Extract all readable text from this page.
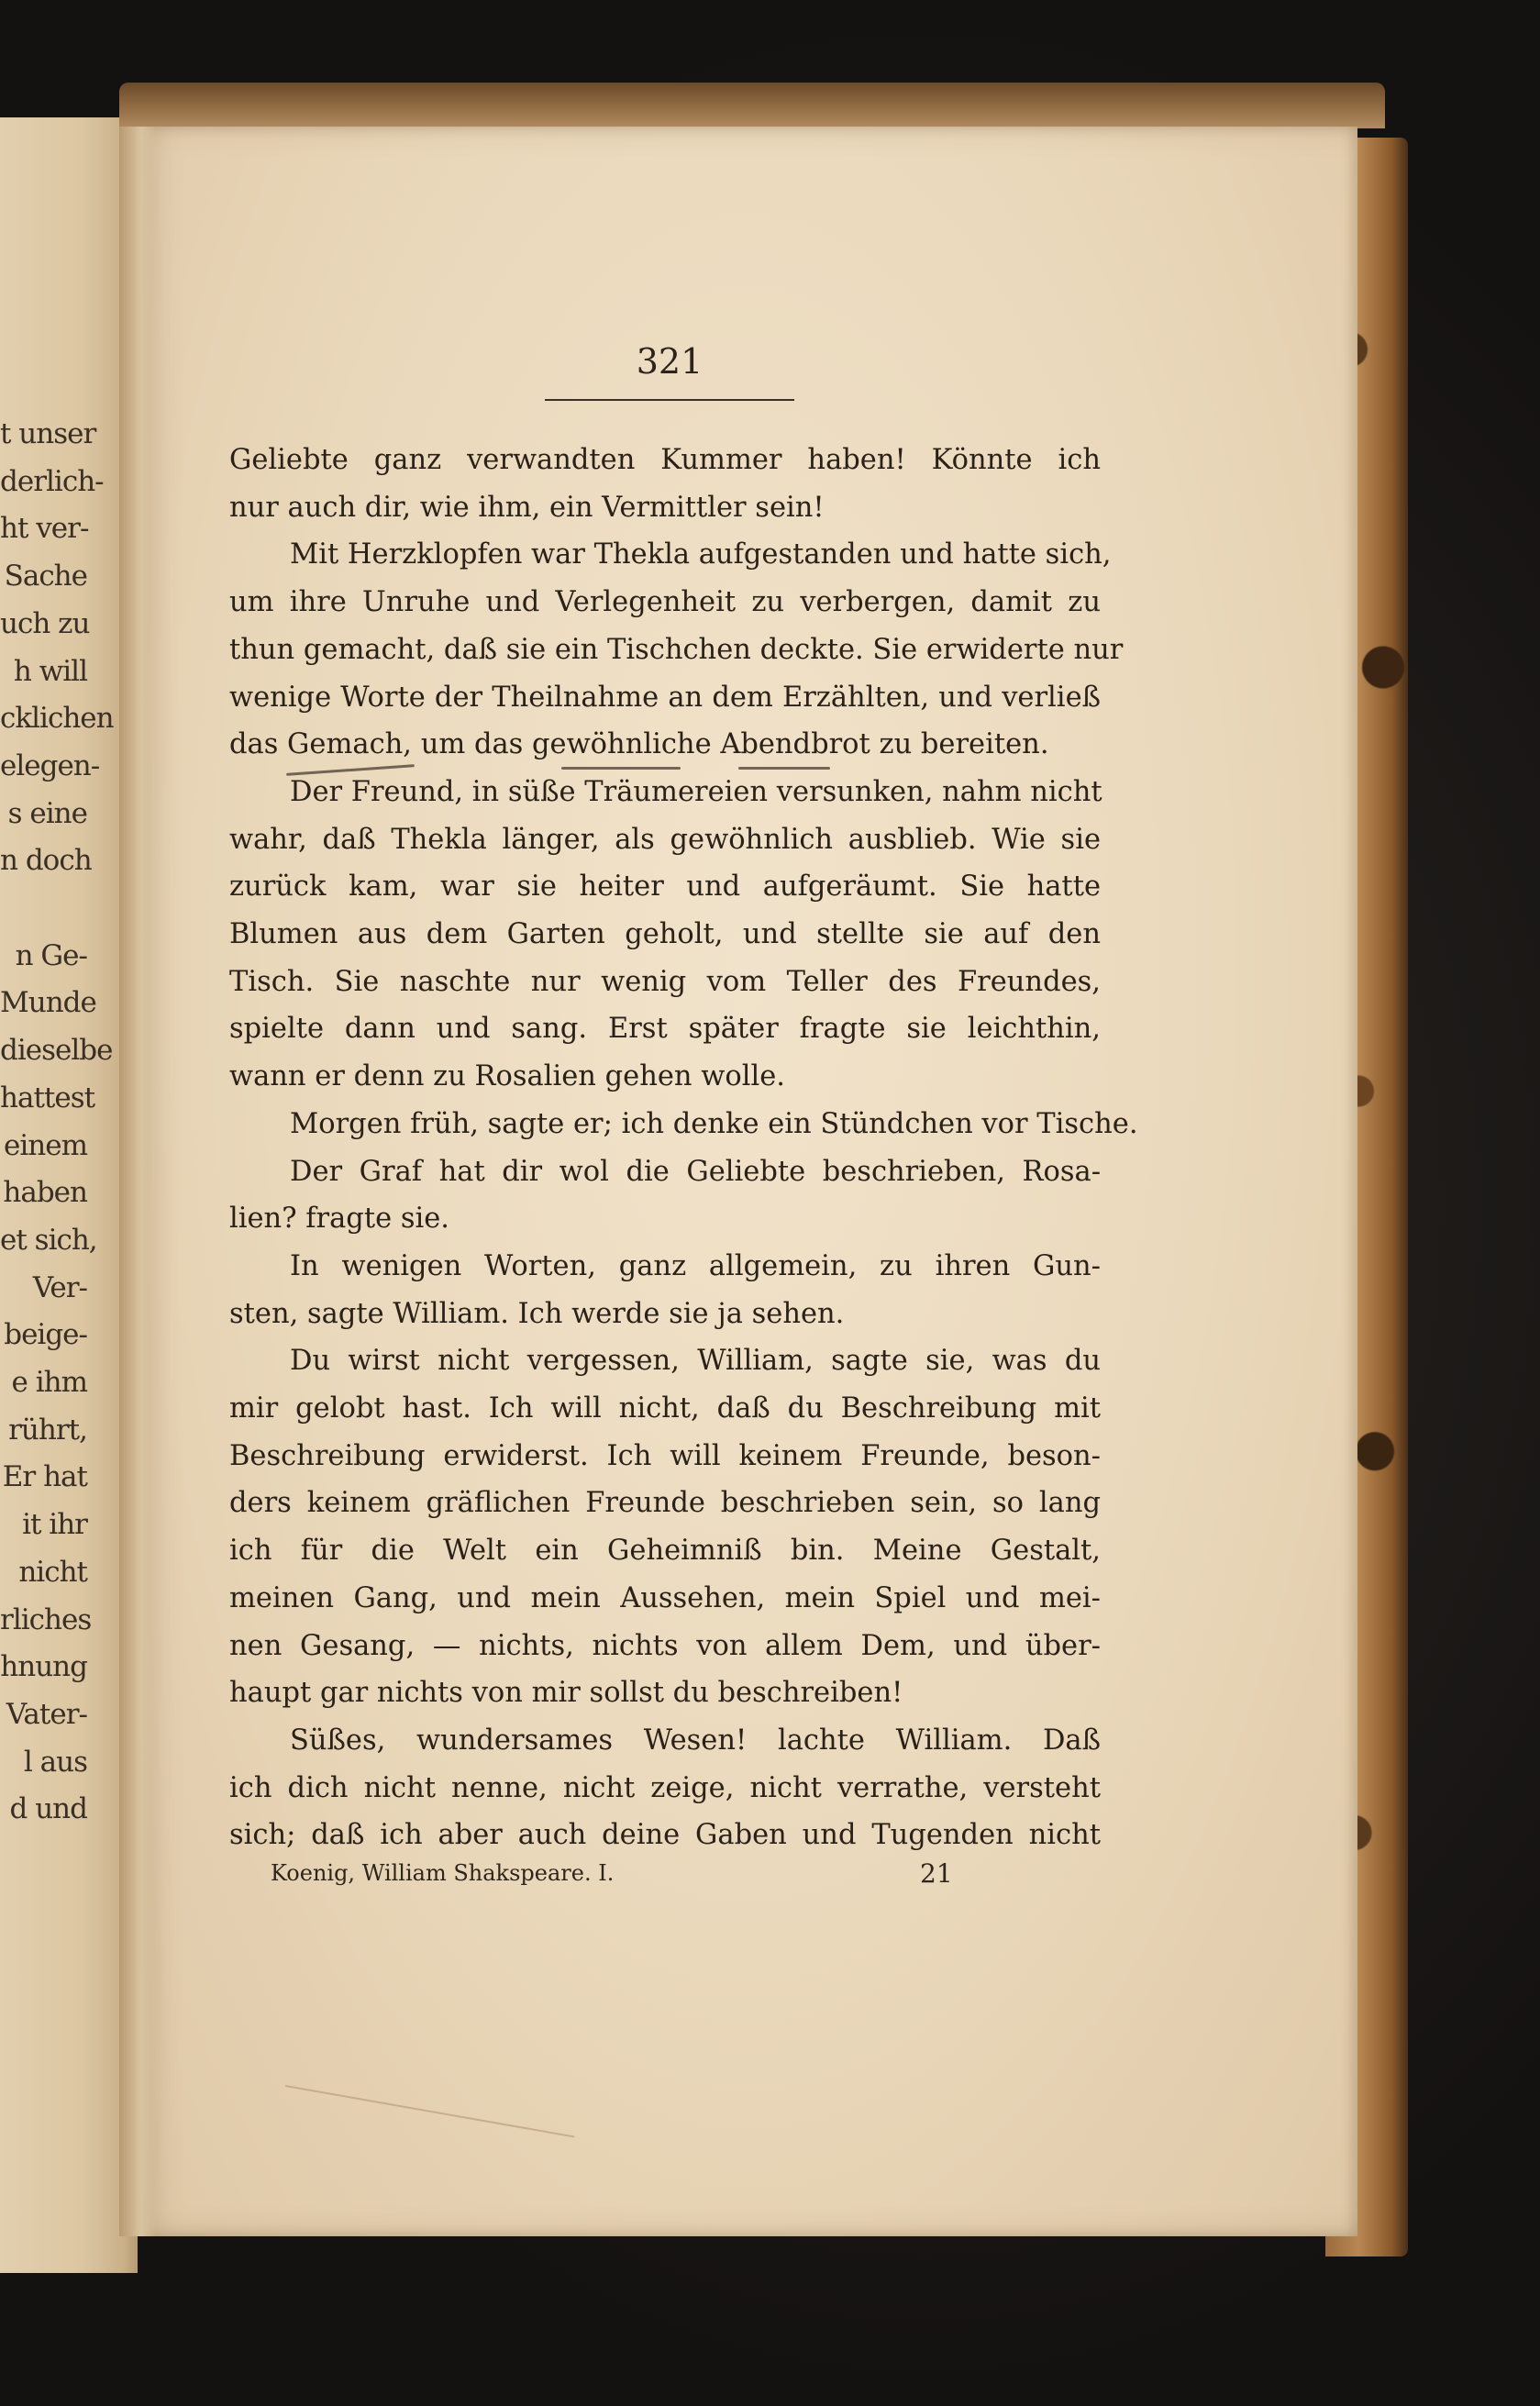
t unser
derlich-
ht ver-
Sache
uch zu
h will
cklichen
elegen-
s eine
n doch
n Ge-
Munde
dieselbe
hattest
einem
haben
et sich,
Ver-
beige-
e ihm
rührt,
Er hat
it ihr
nicht
rliches
hnung
Vater-
l aus
d und
321
Geliebte ganz verwandten Kummer haben! Könnte ich
nur auch dir, wie ihm, ein Vermittler sein!
Mit Herzklopfen war Thekla aufgestanden und hatte sich,
um ihre Unruhe und Verlegenheit zu verbergen, damit zu
thun gemacht, daß sie ein Tischchen deckte. Sie erwiderte nur
wenige Worte der Theilnahme an dem Erzählten, und verließ
das Gemach, um das gewöhnliche Abendbrot zu bereiten.
Der Freund, in süße Träumereien versunken, nahm nicht
wahr, daß Thekla länger, als gewöhnlich ausblieb. Wie sie
zurück kam, war sie heiter und aufgeräumt. Sie hatte
Blumen aus dem Garten geholt, und stellte sie auf den
Tisch. Sie naschte nur wenig vom Teller des Freundes,
spielte dann und sang. Erst später fragte sie leichthin,
wann er denn zu Rosalien gehen wolle.
Morgen früh, sagte er; ich denke ein Stündchen vor Tische.
Der Graf hat dir wol die Geliebte beschrieben, Rosa-
lien? fragte sie.
In wenigen Worten, ganz allgemein, zu ihren Gun-
sten, sagte William. Ich werde sie ja sehen.
Du wirst nicht vergessen, William, sagte sie, was du
mir gelobt hast. Ich will nicht, daß du Beschreibung mit
Beschreibung erwiderst. Ich will keinem Freunde, beson-
ders keinem gräflichen Freunde beschrieben sein, so lang
ich für die Welt ein Geheimniß bin. Meine Gestalt,
meinen Gang, und mein Aussehen, mein Spiel und mei-
nen Gesang, — nichts, nichts von allem Dem, und über-
haupt gar nichts von mir sollst du beschreiben!
Süßes, wundersames Wesen! lachte William. Daß
ich dich nicht nenne, nicht zeige, nicht verrathe, versteht
sich; daß ich aber auch deine Gaben und Tugenden nicht
Koenig, William Shakspeare. I.	21
